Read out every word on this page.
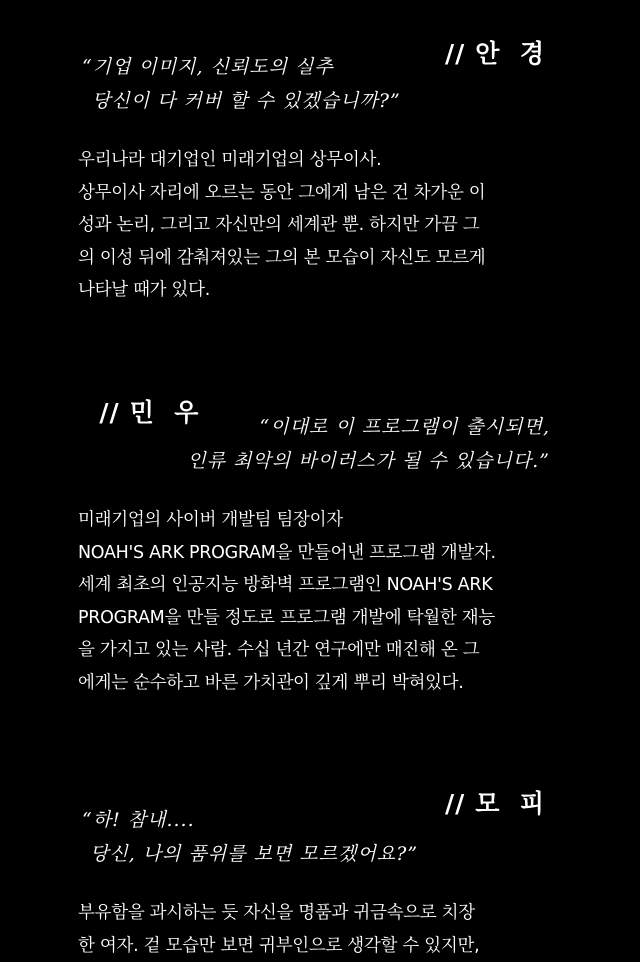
// 안  경

“기업 이미지, 신뢰도의 실추
당신이 다 커버 할 수 있겠습니까?”
우리나라 대기업인 미래기업의 상무이사.
상무이사 자리에 오르는 동안 그에게 남은 건 차가운 이
성과 논리, 그리고 자신만의 세계관 뿐. 하지만 가끔 그
의 이성 뒤에 감춰져있는 그의 본 모습이 자신도 모르게
나타날 때가 있다.

// 민  우	“이대로 이 프로그램이 출시되면,
인류 최악의 바이러스가 될 수 있습니다.”
미래기업의 사이버 개발팀 팀장이자
NOAH'S ARK PROGRAM을 만들어낸 프로그램 개발자.
세계 최초의 인공지능 방화벽 프로그램인 NOAH'S ARK
PROGRAM을 만들 정도로 프로그램 개발에 탁월한 재능
을 가지고 있는 사람. 수십 년간 연구에만 매진해 온 그
에게는 순수하고 바른 가치관이 깊게 뿌리 박혀있다.

// 모  피

“하! 참내....
당신, 나의 품위를 보면 모르겠어요?”
부유함을 과시하는 듯 자신을 명품과 귀금속으로 치장
한 여자. 겉 모습만 보면 귀부인으로 생각할 수 있지만,
